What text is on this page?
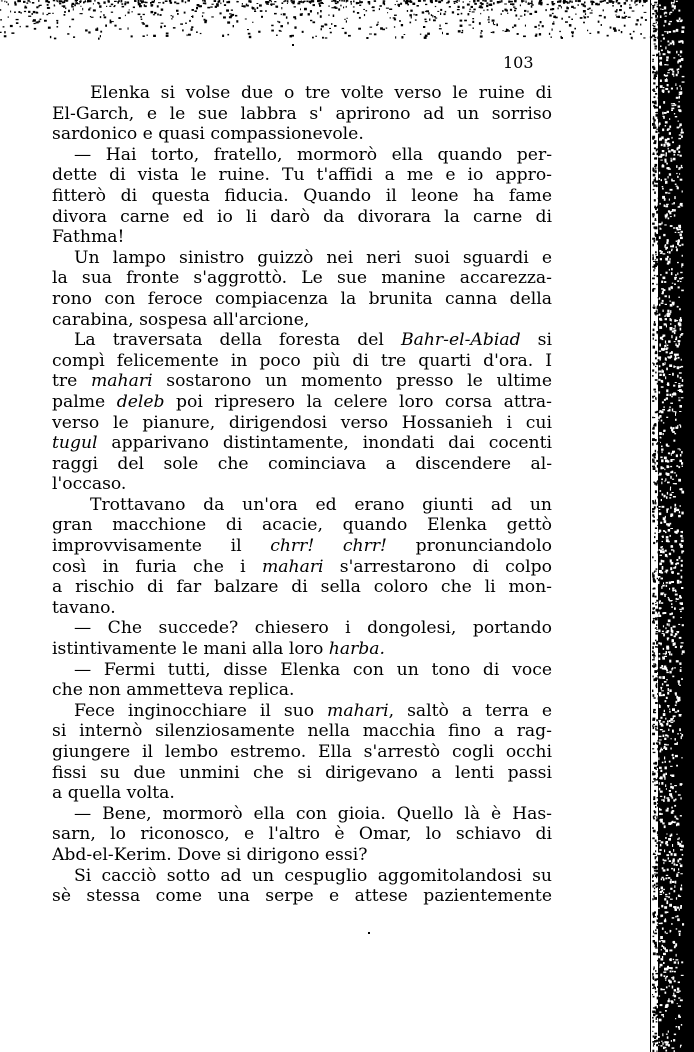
103
Elenka si volse due o tre volte verso le ruine di
El-Garch, e le sue labbra s' aprirono ad un sorriso
sardonico e quasi compassionevole.
— Hai torto, fratello, mormorò ella quando per-
dette di vista le ruine. Tu t'affidi a me e io appro-
fitterò di questa fiducia. Quando il leone ha fame
divora carne ed io li darò da divorara la carne di
Fathma!
Un lampo sinistro guizzò nei neri suoi sguardi e
la sua fronte s'aggrottò. Le sue manine accarezza-
rono con feroce compiacenza la brunita canna della
carabina, sospesa all'arcione,
La traversata della foresta del Bahr-el-Abiad si
compì felicemente in poco più di tre quarti d'ora. I
tre mahari sostarono un momento presso le ultime
palme deleb poi ripresero la celere loro corsa attra-
verso le pianure, dirigendosi verso Hossanieh i cui
tugul apparivano distintamente, inondati dai cocenti
raggi del sole che cominciava a discendere al-
l'occaso.
Trottavano da un'ora ed erano giunti ad un
gran macchione di acacie, quando Elenka gettò
improvvisamente il chrr! chrr! pronunciandolo
così in furia che i mahari s'arrestarono di colpo
a rischio di far balzare di sella coloro che li mon-
tavano.
— Che succede? chiesero i dongolesi, portando
istintivamente le mani alla loro harba.
— Fermi tutti, disse Elenka con un tono di voce
che non ammetteva replica.
Fece inginocchiare il suo mahari, saltò a terra e
si internò silenziosamente nella macchia fino a rag-
giungere il lembo estremo. Ella s'arrestò cogli occhi
fissi su due unmini che si dirigevano a lenti passi
a quella volta.
— Bene, mormorò ella con gioia. Quello là è Has-
sarn, lo riconosco, e l'altro è Omar, lo schiavo di
Abd-el-Kerim. Dove si dirigono essi?
Si cacciò sotto ad un cespuglio aggomitolandosi su
sè stessa come una serpe e attese pazientemente
